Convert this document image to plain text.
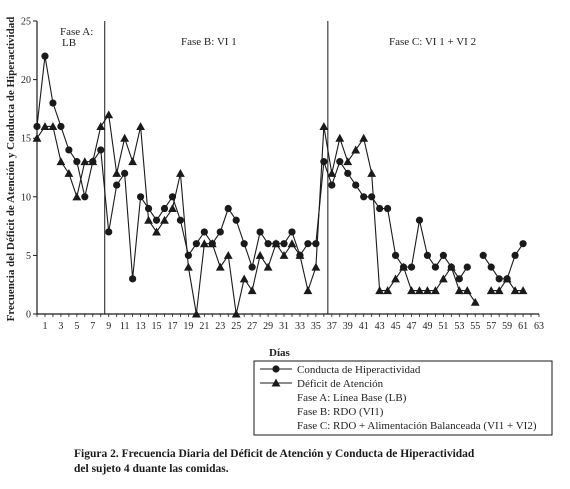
0
5
10
15
20
25
1 3 5 7 9 11 13 15 17 19 21 23 25 27 29 31 33 35 37 39 41 43 45 47 49 51 53 55 57 59 61 63
Fase A:
LB	Fase B: VI 1	Fase C: VI 1 + VI 2
Frecuencia del Déficit de Atención y Conducta de Hiperactividad
Días
Conducta de Hiperactividad
Déficit de Atención
Fase A: Línea Base (LB)
Fase B: RDO (VI1)
Fase C: RDO + Alimentación Balanceada (VI1 + VI2)
Figura 2. Frecuencia Diaria del Déficit de Atención y Conducta de Hiperactividad
del sujeto 4 duante las comidas.
